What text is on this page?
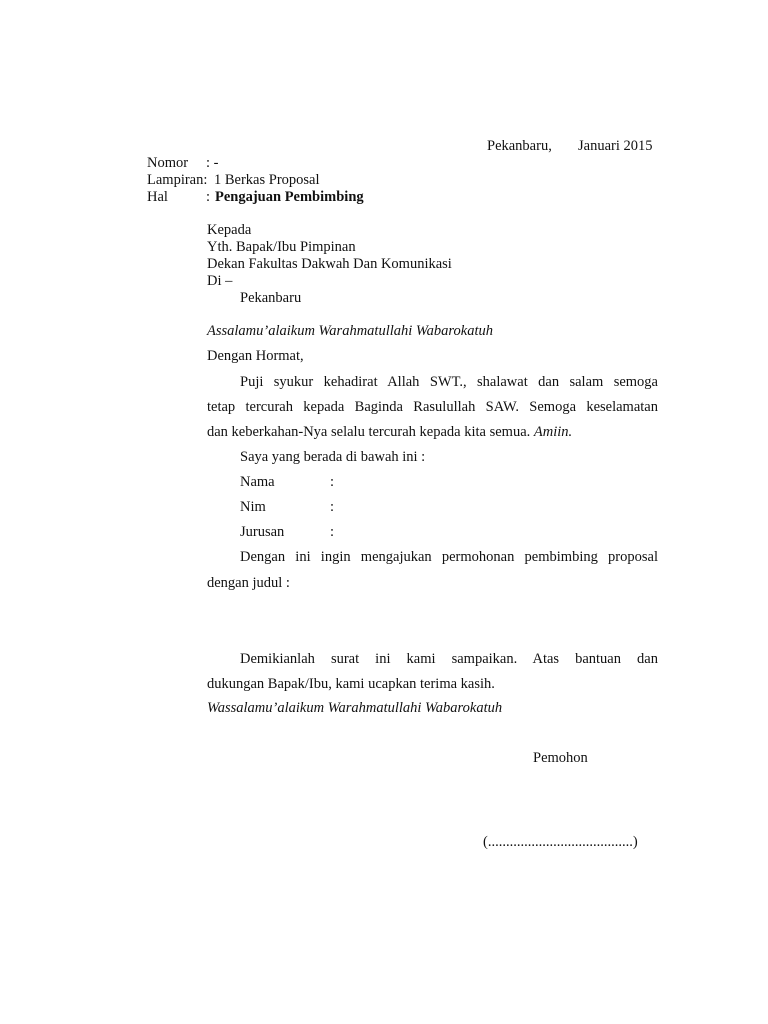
Pekanbaru, Januari 2015
Nomor : -
Lampiran: 1 Berkas Proposal
Hal	: Pengajuan Pembimbing
Kepada
Yth. Bapak/Ibu Pimpinan
Dekan Fakultas Dakwah Dan Komunikasi
Di –
Pekanbaru
Assalamu’alaikum Warahmatullahi Wabarokatuh
Dengan Hormat,
Puji syukur kehadirat Allah SWT., shalawat dan salam semoga
tetap tercurah kepada Baginda Rasulullah SAW. Semoga keselamatan
dan keberkahan-Nya selalu tercurah kepada kita semua. Amiin.
Saya yang berada di bawah ini :
Nama	:
Nim	:
Jurusan	:
Dengan ini ingin mengajukan permohonan pembimbing proposal
dengan judul :
Demikianlah surat ini kami sampaikan. Atas bantuan dan
dukungan Bapak/Ibu, kami ucapkan terima kasih.
Wassalamu’alaikum Warahmatullahi Wabarokatuh
Pemohon
(........................................)
